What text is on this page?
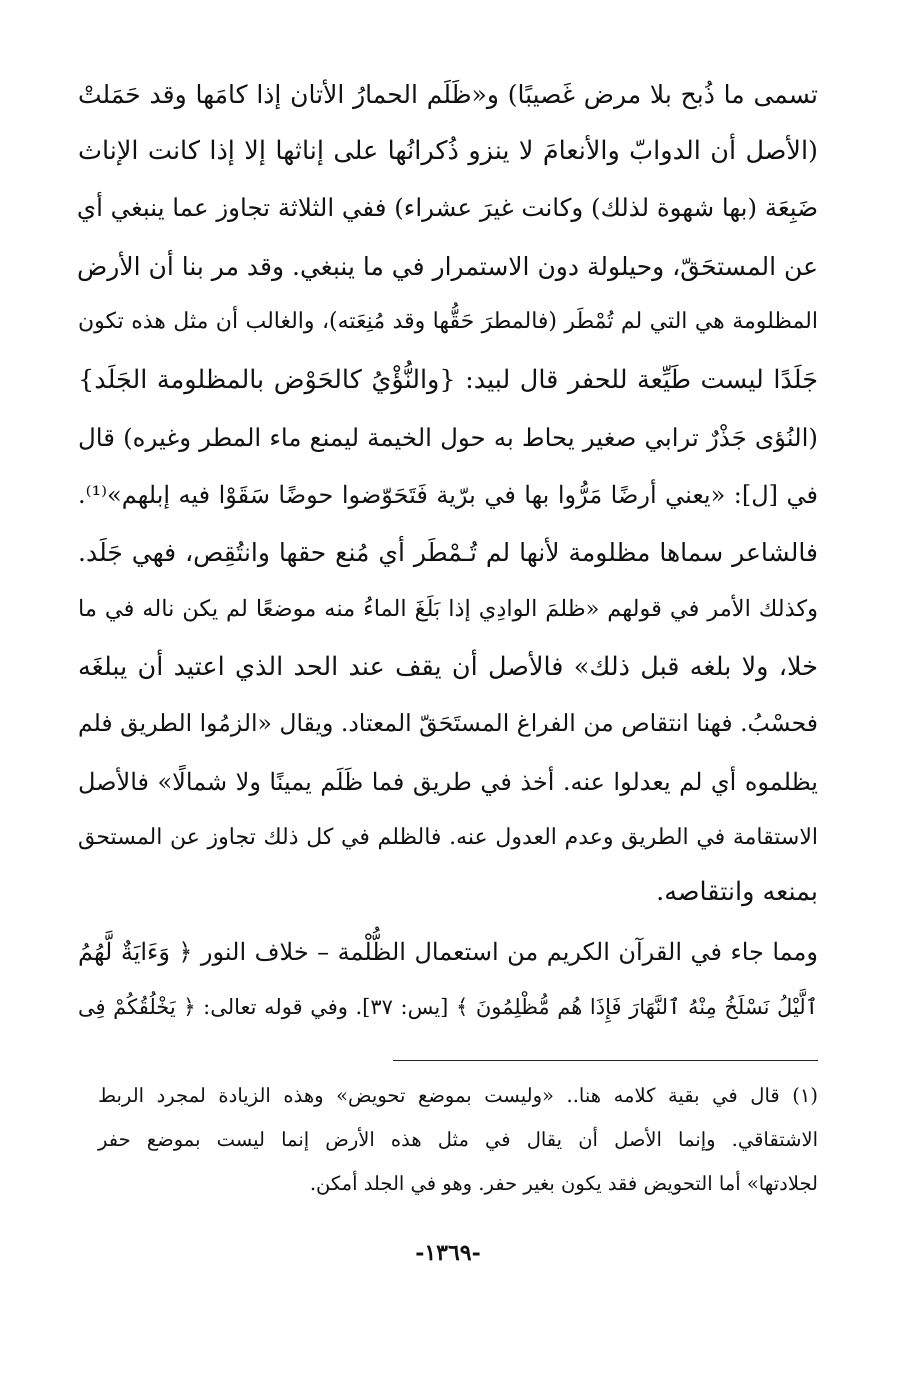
تسمى ما ذُبح بلا مرض غَصيبًا) و«ظَلَم الحمارُ الأتان إذا كامَها وقد حَمَلتْ
(الأصل أن الدوابّ والأنعامَ لا ينزو ذُكرانُها على إناثها إلا إذا كانت الإناث
ضَبِعَة (بها شهوة لذلك) وكانت غيرَ عشراء) ففي الثلاثة تجاوز عما ينبغي أي
عن المستحَقّ، وحيلولة دون الاستمرار في ما ينبغي. وقد مر بنا أن الأرض
المظلومة هي التي لم تُمْطَر (فالمطرَ حَقُّها وقد مُنِعَته)، والغالب أن مثل هذه تكون
جَلَدًا ليست طَيِّعة للحفر قال لبيد: {والنُّؤْيُ كالحَوْض بالمظلومة الجَلَد}
(النُؤى جَذْرٌ ترابي صغير يحاط به حول الخيمة ليمنع ماء المطر وغيره) قال
في [ل]: «يعني أرضًا مَرُّوا بها في برّية فَتَحَوّضوا حوضًا سَقَوْا فيه إبلهم»⁽¹⁾.
فالشاعر سماها مظلومة لأنها لم تُـمْطَر أي مُنع حقها وانتُقِص، فهي جَلَد.
وكذلك الأمر في قولهم «ظلمَ الوادِي إذا بَلَغَ الماءُ منه موضعًا لم يكن ناله في ما
خلا، ولا بلغه قبل ذلك» فالأصل أن يقف عند الحد الذي اعتيد أن يبلغَه
فحسْبُ. فهنا انتقاص من الفراغ المستَحَقّ المعتاد. ويقال «الزمُوا الطريق فلم
يظلموه أي لم يعدلوا عنه. أخذ في طريق فما ظَلَم يمينًا ولا شمالًا» فالأصل
الاستقامة في الطريق وعدم العدول عنه. فالظلم في كل ذلك تجاوز عن المستحق
بمنعه وانتقاصه.
ومما جاء في القرآن الكريم من استعمال الظُّلْمة – خلاف النور ﴿ وَءَايَةٌ لَّهُمُ
ٱلَّيْلُ نَسْلَخُ مِنْهُ ٱلنَّهَارَ فَإِذَا هُم مُّظْلِمُونَ ﴾ [يس: ٣٧]. وفي قوله تعالى: ﴿ يَخْلُقُكُمْ فِى
(١) قال في بقية كلامه هنا.. «وليست بموضع تحويض» وهذه الزيادة لمجرد الربط
الاشتقاقي. وإنما الأصل أن يقال في مثل هذه الأرض إنما ليست بموضع حفر
لجلادتها» أما التحويض فقد يكون بغير حفر. وهو في الجلد أمكن.
-١٣٦٩-
